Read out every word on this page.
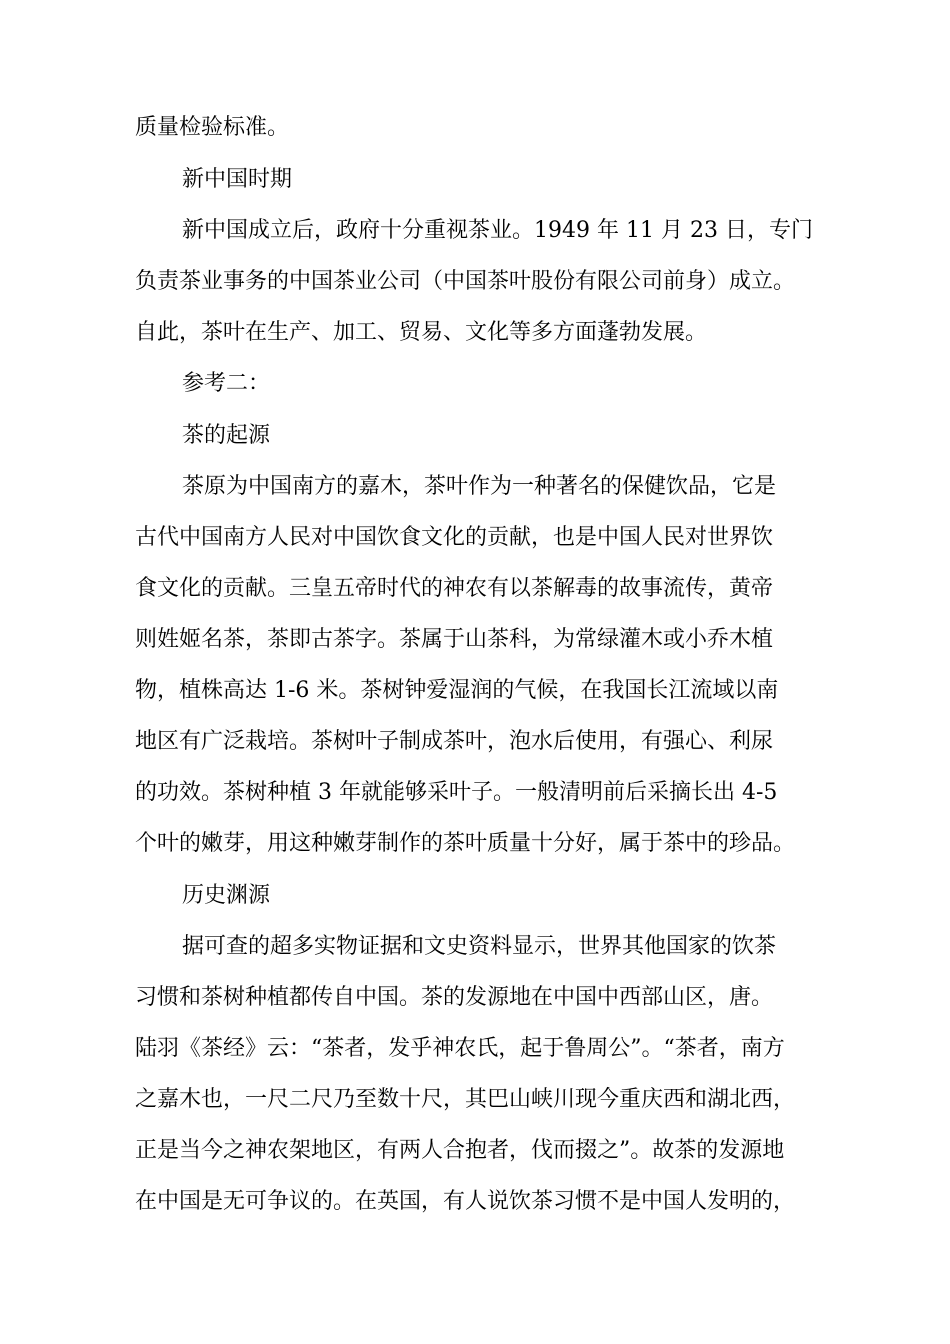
质量检验标准。
新中国时期
新中国成立后，政府十分重视茶业。1949 年 11 月 23 日，专门
负责茶业事务的中国茶业公司（中国茶叶股份有限公司前身）成立。
自此，茶叶在生产、加工、贸易、文化等多方面蓬勃发展。
参考二：
茶的起源
茶原为中国南方的嘉木，茶叶作为一种著名的保健饮品，它是
古代中国南方人民对中国饮食文化的贡献，也是中国人民对世界饮
食文化的贡献。三皇五帝时代的神农有以茶解毒的故事流传，黄帝
则姓姬名茶，茶即古茶字。茶属于山茶科，为常绿灌木或小乔木植
物，植株高达 1-6 米。茶树钟爱湿润的气候，在我国长江流域以南
地区有广泛栽培。茶树叶子制成茶叶，泡水后使用，有强心、利尿
的功效。茶树种植 3 年就能够采叶子。一般清明前后采摘长出 4-5
个叶的嫩芽，用这种嫩芽制作的茶叶质量十分好，属于茶中的珍品。
历史渊源
据可查的超多实物证据和文史资料显示，世界其他国家的饮茶
习惯和茶树种植都传自中国。茶的发源地在中国中西部山区，唐。
陆羽《茶经》云：“茶者，发乎神农氏，起于鲁周公”。“茶者，南方
之嘉木也，一尺二尺乃至数十尺，其巴山峡川现今重庆西和湖北西，
正是当今之神农架地区，有两人合抱者，伐而掇之”。故茶的发源地
在中国是无可争议的。在英国，有人说饮茶习惯不是中国人发明的，
